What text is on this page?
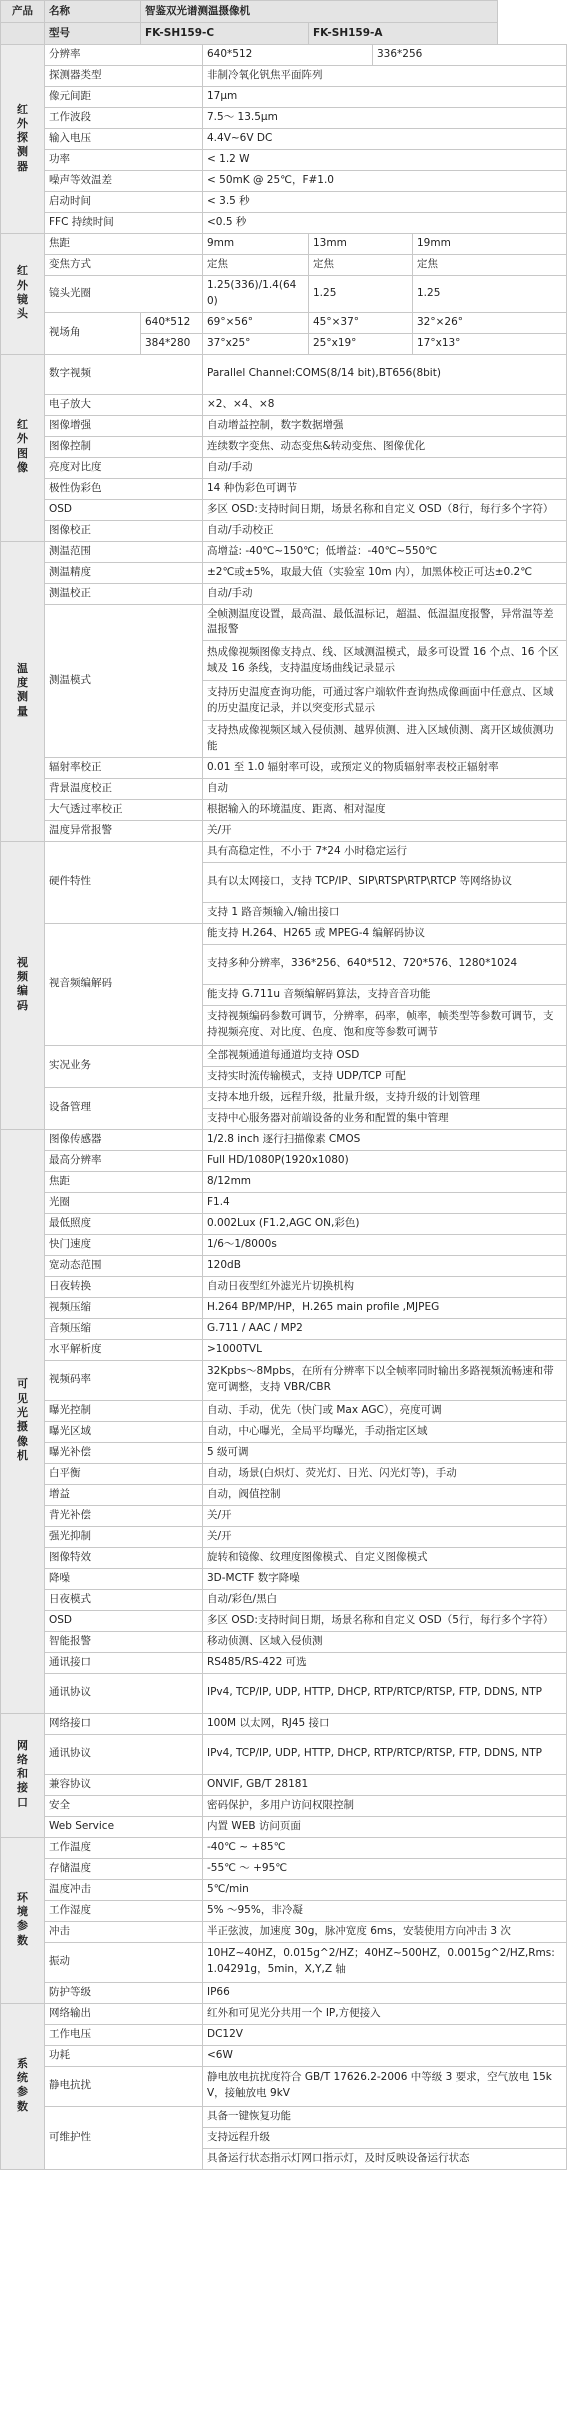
产品	名称	智鉴双光谱测温摄像机				
	型号	FK-SH159-C		FK-SH159-A		
红外探测器	分辨率		640*512		336*256	
	探测器类型		非制冷氧化钒焦平面阵列			
	像元间距		17μm			
	工作波段		7.5～ 13.5μm			
	输入电压		4.4V~6V DC			
	功率		< 1.2 W			
	噪声等效温差		< 50mK @ 25℃，F#1.0			
	启动时间		< 3.5 秒			
	FFC 持续时间		<0.5 秒			
红外镜头	焦距		9mm	13mm		19mm
	变焦方式		定焦	定焦		定焦
	镜头光圈		1.25(336)/1.4(640)	1.25		1.25
	视场角	640*512	69°×56°	45°×37°		32°×26°
		384*280	37°x25°	25°x19°		17°x13°
红外图像	数字视频		Parallel Channel:COMS(8/14 bit),BT656(8bit)			
	电子放大		×2、×4、×8			
	图像增强		自动增益控制，数字数据增强			
	图像控制		连续数字变焦、动态变焦&转动变焦、图像优化			
	亮度对比度		自动/手动			
	极性伪彩色		14 种伪彩色可调节			
	OSD		多区 OSD:支持时间日期，场景名称和自定义 OSD（8行，每行多个字符）			
	图像校正		自动/手动校正			
温度测量	测温范围		高增益: -40℃~150℃；低增益：-40℃~550℃			
	测温精度		±2℃或±5%，取最大值（实验室 10m 内），加黑体校正可达±0.2℃			
	测温校正		自动/手动			
	测温模式		全帧测温度设置，最高温、最低温标记，超温、低温温度报警，异常温等差温报警			
			热成像视频图像支持点、线、区域测温模式，最多可设置 16 个点、16 个区域及 16 条线，支持温度场曲线记录显示			
			支持历史温度查询功能，可通过客户端软件查询热成像画面中任意点、区域的历史温度记录，并以突变形式显示			
			支持热成像视频区域入侵侦测、越界侦测、进入区域侦测、离开区域侦测功能			
	辐射率校正		0.01 至 1.0 辐射率可设，或预定义的物质辐射率表校正辐射率			
	背景温度校正		自动			
	大气透过率校正		根据输入的环境温度、距离、相对湿度			
	温度异常报警		关/开			
视频编码	硬件特性		具有高稳定性，不小于 7*24 小时稳定运行			
			具有以太网接口，支持 TCP/IP、SIP\RTSP\RTP\RTCP 等网络协议			
			支持 1 路音频输入/输出接口			
	视音频编解码		能支持 H.264、H265 或 MPEG-4 编解码协议			
			支持多种分辨率，336*256、640*512、720*576、1280*1024			
			能支持 G.711u 音频编解码算法，支持音音功能			
			支持视频编码参数可调节，分辨率，码率，帧率，帧类型等参数可调节，支持视频亮度、对比度、色度、饱和度等参数可调节			
	实况业务		全部视频通道每通道均支持 OSD			
			支持实时流传输模式，支持 UDP/TCP 可配			
	设备管理		支持本地升级，远程升级，批量升级，支持升级的计划管理			
			支持中心服务器对前端设备的业务和配置的集中管理			
可见光摄像机	图像传感器		1/2.8 inch 逐行扫描像素 CMOS			
	最高分辨率		Full HD/1080P(1920x1080)			
	焦距		8/12mm			
	光圈		F1.4			
	最低照度		0.002Lux (F1.2,AGC ON,彩色)			
	快门速度		1/6～1/8000s			
	宽动态范围		120dB			
	日夜转换		自动日夜型红外滤光片切换机构			
	视频压缩		H.264 BP/MP/HP，H.265 main profile ,MJPEG			
	音频压缩		G.711 / AAC / MP2			
	水平解析度		>1000TVL			
	视频码率		32Kpbs～8Mpbs，在所有分辨率下以全帧率同时输出多路视频流畅速和带宽可调整，支持 VBR/CBR			
	曝光控制		自动、手动，优先（快门或 Max AGC），亮度可调			
	曝光区域		自动，中心曝光，全局平均曝光，手动指定区域			
	曝光补偿		5 级可调			
	白平衡		自动，场景(白炽灯、荧光灯、日光、闪光灯等)，手动			
	增益		自动，阀值控制			
	背光补偿		关/开			
	强光抑制		关/开			
	图像特效		旋转和镜像、纹理度图像模式、自定义图像模式			
	降噪		3D-MCTF 数字降噪			
	日夜模式		自动/彩色/黑白			
	OSD		多区 OSD:支持时间日期，场景名称和自定义 OSD（5行，每行多个字符）			
	智能报警		移动侦测、区域入侵侦测			
	通讯接口		RS485/RS-422 可选			
	通讯协议		IPv4, TCP/IP, UDP, HTTP, DHCP, RTP/RTCP/RTSP, FTP, DDNS, NTP			
网络和接口	网络接口		100M 以太网，RJ45 接口			
	通讯协议		IPv4, TCP/IP, UDP, HTTP, DHCP, RTP/RTCP/RTSP, FTP, DDNS, NTP			
	兼容协议		ONVIF, GB/T 28181			
	安全		密码保护，多用户访问权限控制			
	Web Service		内置 WEB 访问页面			
环境参数	工作温度		-40℃ ~ +85℃			
	存储温度		-55℃ ～ +95℃			
	温度冲击		5℃/min			
	工作湿度		5% ～95%，非冷凝			
	冲击		半正弦波，加速度 30g，脉冲宽度 6ms，安装使用方向冲击 3 次			
	振动		10HZ~40HZ，0.015g^2/HZ；40HZ~500HZ，0.0015g^2/HZ,Rms:1.04291g，5min，X,Y,Z 轴			
	防护等级		IP66			
系统参数	网络输出		红外和可见光分共用一个 IP,方便接入			
	工作电压		DC12V			
	功耗		<6W			
	静电抗扰		静电放电抗扰度符合 GB/T 17626.2-2006 中等级 3 要求，空气放电 15kV，接触放电 9kV			
	可维护性		具备一键恢复功能			
			支持远程升级			
			具备运行状态指示灯网口指示灯，及时反映设备运行状态			
